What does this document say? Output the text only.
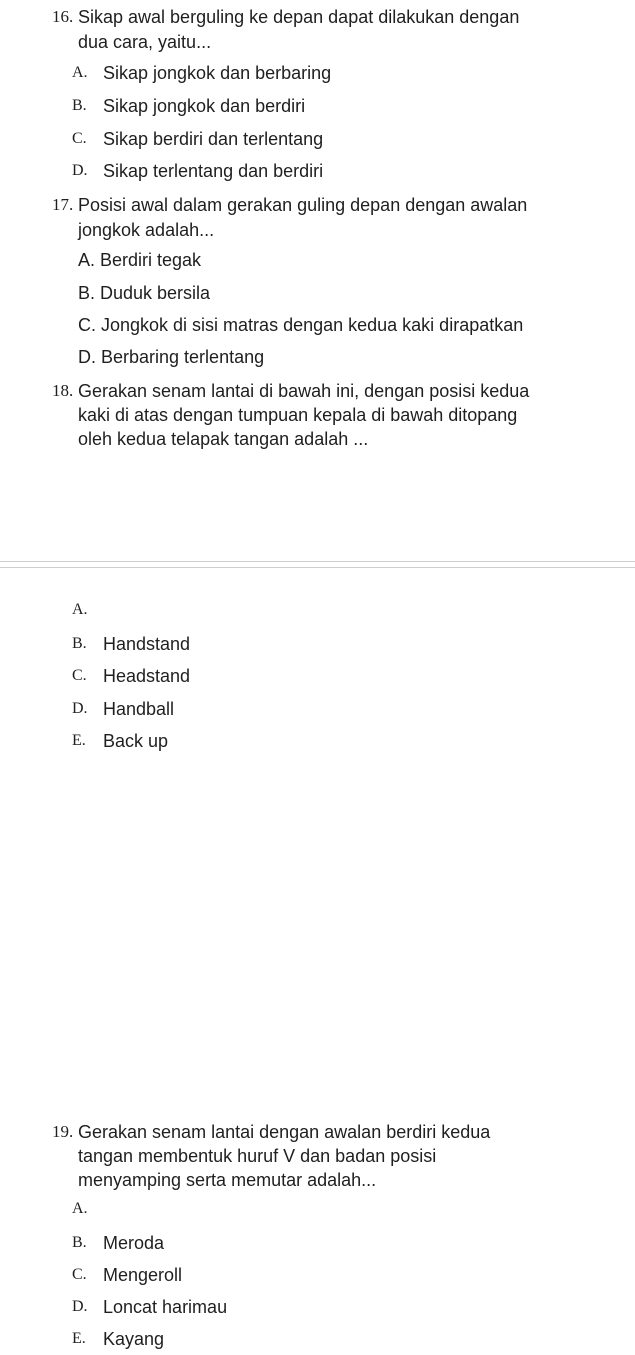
16. Sikap awal berguling ke depan dapat dilakukan dengan
dua cara, yaitu...
A. Sikap jongkok dan berbaring
B. Sikap jongkok dan berdiri
C. Sikap berdiri dan terlentang
D. Sikap terlentang dan berdiri
17. Posisi awal dalam gerakan guling depan dengan awalan
jongkok adalah...
A. Berdiri tegak
B. Duduk bersila
C. Jongkok di sisi matras dengan kedua kaki dirapatkan
D. Berbaring terlentang
18. Gerakan senam lantai di bawah ini, dengan posisi kedua
kaki di atas dengan tumpuan kepala di bawah ditopang
oleh kedua telapak tangan adalah ...
A.
B. Handstand
C. Headstand
D. Handball
E. Back up
19. Gerakan senam lantai dengan awalan berdiri kedua
tangan membentuk huruf V dan badan posisi
menyamping serta memutar adalah...
A.
B. Meroda
C. Mengeroll
D. Loncat harimau
E. Kayang
